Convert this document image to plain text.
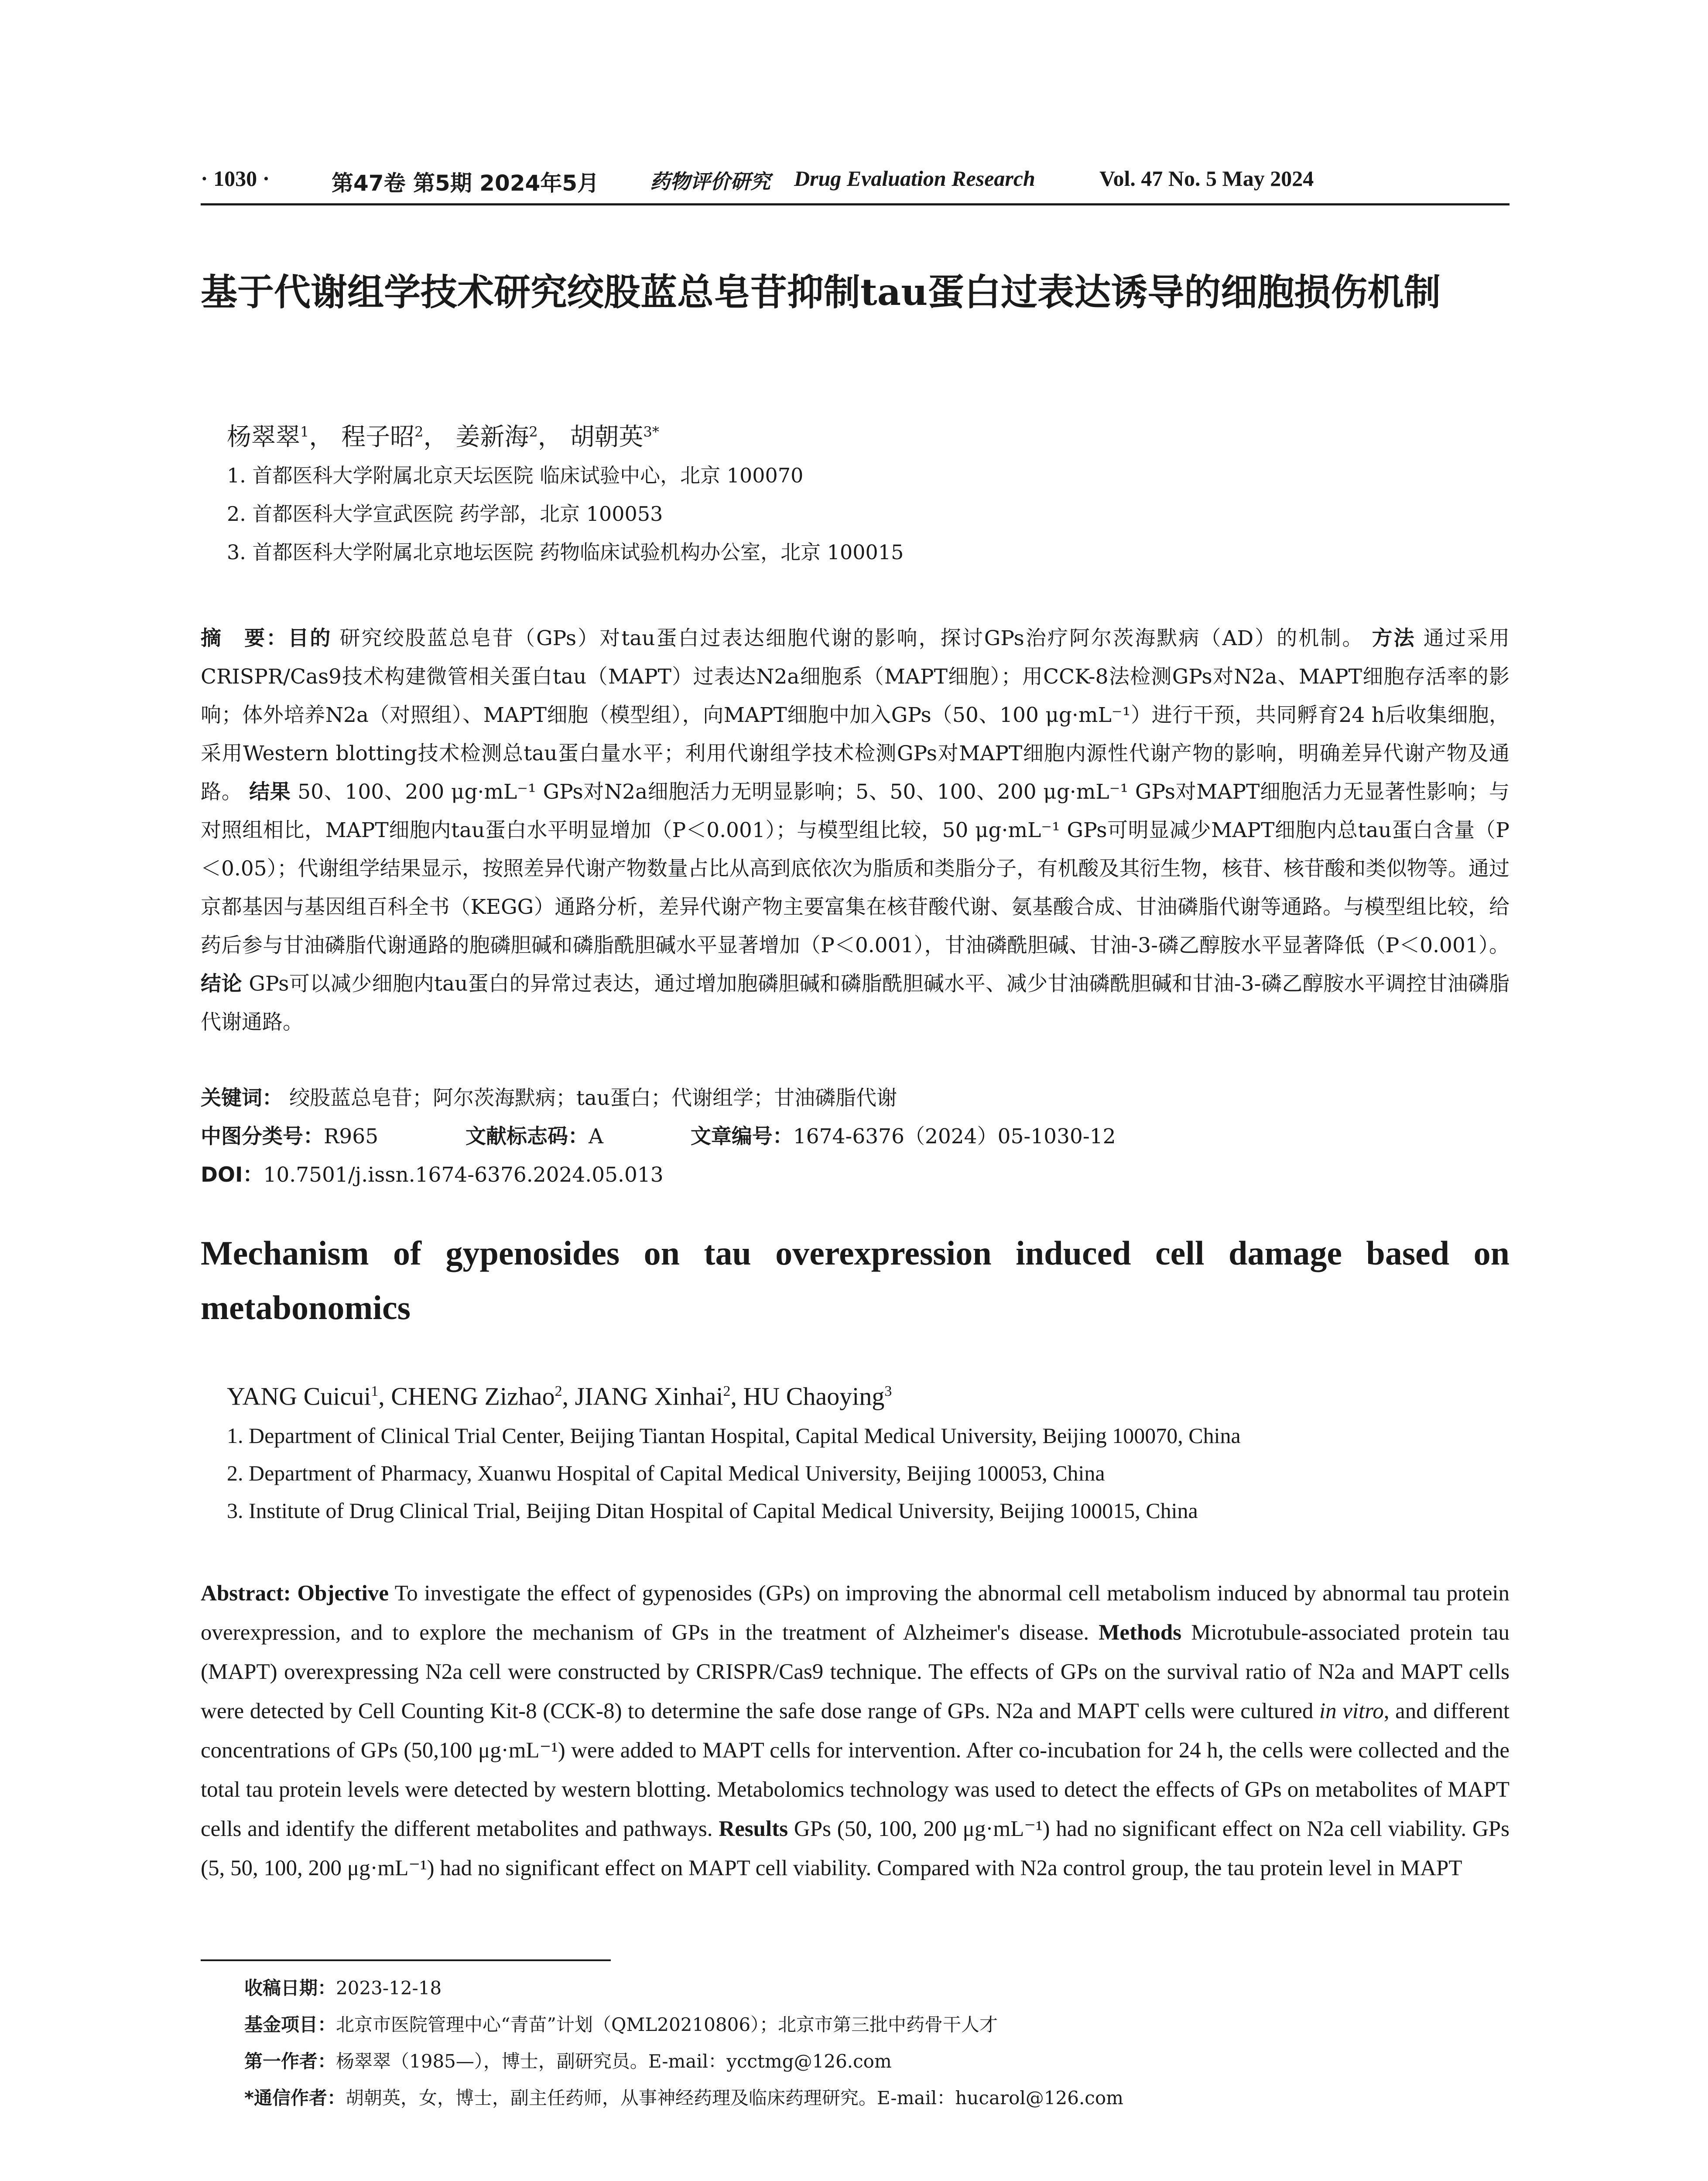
· 1030 ·	第47卷 第5期 2024年5月	药物评价研究 Drug Evaluation Research	Vol. 47 No. 5 May 2024
基于代谢组学技术研究绞股蓝总皂苷抑制tau蛋白过表达诱导的细胞损伤机制
杨翠翠$^1$， 程子昭$^2$， 姜新海$^2$， 胡朝英$^{3*}$
1. 首都医科大学附属北京天坛医院 临床试验中心，北京 100070
2. 首都医科大学宣武医院 药学部，北京 100053
3. 首都医科大学附属北京地坛医院 药物临床试验机构办公室，北京 100015
摘　要：目的 研究绞股蓝总皂苷（GPs）对tau蛋白过表达细胞代谢的影响，探讨GPs治疗阿尔茨海默病（AD）的机制。 方法 通过采用CRISPR/Cas9技术构建微管相关蛋白tau（MAPT）过表达N2a细胞系（MAPT细胞）；用CCK-8法检测GPs对N2a、MAPT细胞存活率的影响；体外培养N2a（对照组）、MAPT细胞（模型组），向MAPT细胞中加入GPs（50、100 μg·mL⁻¹）进行干预，共同孵育24 h后收集细胞，采用Western blotting技术检测总tau蛋白量水平；利用代谢组学技术检测GPs对MAPT细胞内源性代谢产物的影响，明确差异代谢产物及通路。 结果 50、100、200 μg·mL⁻¹ GPs对N2a细胞活力无明显影响；5、50、100、200 μg·mL⁻¹ GPs对MAPT细胞活力无显著性影响；与对照组相比，MAPT细胞内tau蛋白水平明显增加（P＜0.001）；与模型组比较，50 μg·mL⁻¹ GPs可明显减少MAPT细胞内总tau蛋白含量（P＜0.05）；代谢组学结果显示，按照差异代谢产物数量占比从高到底依次为脂质和类脂分子，有机酸及其衍生物，核苷、核苷酸和类似物等。通过京都基因与基因组百科全书（KEGG）通路分析，差异代谢产物主要富集在核苷酸代谢、氨基酸合成、甘油磷脂代谢等通路。与模型组比较，给药后参与甘油磷脂代谢通路的胞磷胆碱和磷脂酰胆碱水平显著增加（P＜0.001），甘油磷酰胆碱、甘油-3-磷乙醇胺水平显著降低（P＜0.001）。 结论 GPs可以减少细胞内tau蛋白的异常过表达，通过增加胞磷胆碱和磷脂酰胆碱水平、减少甘油磷酰胆碱和甘油-3-磷乙醇胺水平调控甘油磷脂代谢通路。
关键词： 绞股蓝总皂苷；阿尔茨海默病；tau蛋白；代谢组学；甘油磷脂代谢
中图分类号：R965	文献标志码：A	文章编号：1674-6376（2024）05-1030-12
DOI：10.7501/j.issn.1674-6376.2024.05.013
Mechanism of gypenosides on tau overexpression induced cell damage based on metabonomics
YANG Cuicui$^1$, CHENG Zizhao$^2$, JIANG Xinhai$^2$, HU Chaoying$^3$
1. Department of Clinical Trial Center, Beijing Tiantan Hospital, Capital Medical University, Beijing 100070, China
2. Department of Pharmacy, Xuanwu Hospital of Capital Medical University, Beijing 100053, China
3. Institute of Drug Clinical Trial, Beijing Ditan Hospital of Capital Medical University, Beijing 100015, China
Abstract: Objective To investigate the effect of gypenosides (GPs) on improving the abnormal cell metabolism induced by abnormal tau protein overexpression, and to explore the mechanism of GPs in the treatment of Alzheimer's disease. Methods Microtubule-associated protein tau (MAPT) overexpressing N2a cell were constructed by CRISPR/Cas9 technique. The effects of GPs on the survival ratio of N2a and MAPT cells were detected by Cell Counting Kit-8 (CCK-8) to determine the safe dose range of GPs. N2a and MAPT cells were cultured in vitro, and different concentrations of GPs (50,100 μg·mL⁻¹) were added to MAPT cells for intervention. After co-incubation for 24 h, the cells were collected and the total tau protein levels were detected by western blotting. Metabolomics technology was used to detect the effects of GPs on metabolites of MAPT cells and identify the different metabolites and pathways. Results GPs (50, 100, 200 μg·mL⁻¹) had no significant effect on N2a cell viability. GPs (5, 50, 100, 200 μg·mL⁻¹) had no significant effect on MAPT cell viability. Compared with N2a control group, the tau protein level in MAPT
收稿日期：2023-12-18
基金项目：北京市医院管理中心“青苗”计划（QML20210806）；北京市第三批中药骨干人才
第一作者：杨翠翠（1985—），博士，副研究员。E-mail：ycctmg@126.com
*通信作者：胡朝英，女，博士，副主任药师，从事神经药理及临床药理研究。E-mail：hucarol@126.com
